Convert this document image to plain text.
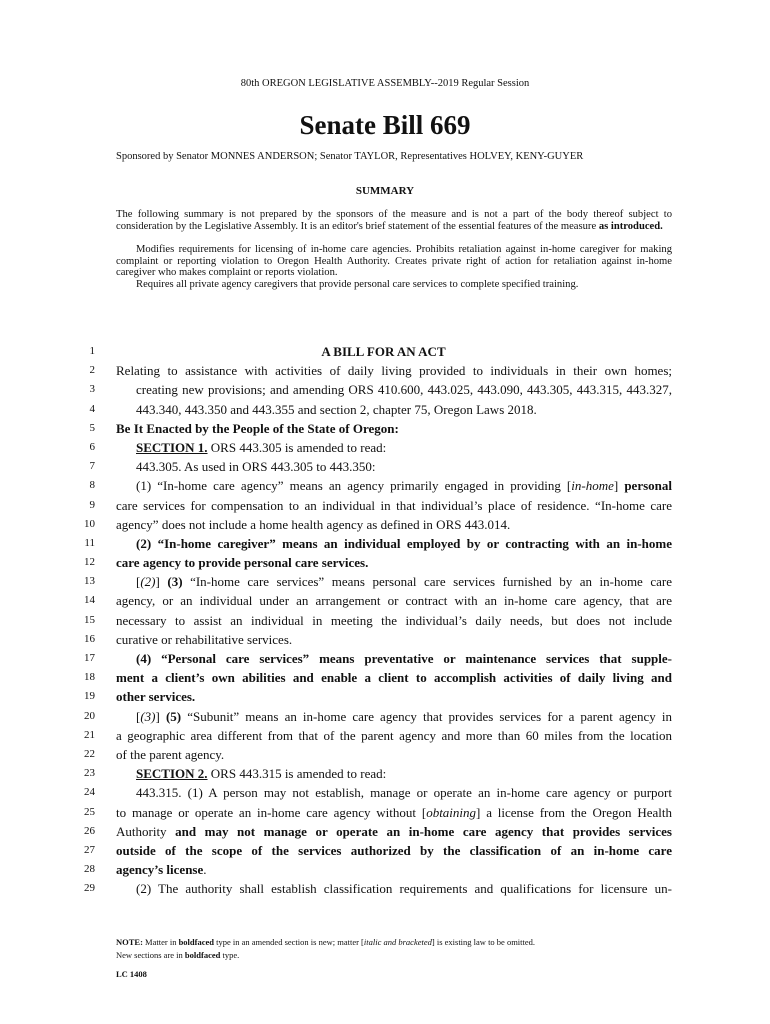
80th OREGON LEGISLATIVE ASSEMBLY--2019 Regular Session
Senate Bill 669
Sponsored by Senator MONNES ANDERSON; Senator TAYLOR, Representatives HOLVEY, KENY-GUYER
SUMMARY

The following summary is not prepared by the sponsors of the measure and is not a part of the body thereof subject to consideration by the Legislative Assembly. It is an editor's brief statement of the essential features of the measure as introduced.

Modifies requirements for licensing of in-home care agencies. Prohibits retaliation against in-home caregiver for making complaint or reporting violation to Oregon Health Authority. Creates private right of action for retaliation against in-home caregiver who makes complaint or reports violation.

Requires all private agency caregivers that provide personal care services to complete specified training.

1	A BILL FOR AN ACT
2 Relating to assistance with activities of daily living provided to individuals in their own homes;
3	creating new provisions; and amending ORS 410.600, 443.025, 443.090, 443.305, 443.315, 443.327,
4	443.340, 443.350 and 443.355 and section 2, chapter 75, Oregon Laws 2018.
5 Be It Enacted by the People of the State of Oregon:
6	SECTION 1. ORS 443.305 is amended to read:
7	443.305. As used in ORS 443.305 to 443.350:
8	(1) “In-home care agency” means an agency primarily engaged in providing [in-home] personal
9 care services for compensation to an individual in that individual’s place of residence. “In-home care
10 agency” does not include a home health agency as defined in ORS 443.014.
11	(2) “In-home caregiver” means an individual employed by or contracting with an in-home
12 care agency to provide personal care services.
13	[(2)] (3) “In-home care services” means personal care services furnished by an in-home care
14 agency, or an individual under an arrangement or contract with an in-home care agency, that are
15 necessary to assist an individual in meeting the individual’s daily needs, but does not include
16 curative or rehabilitative services.
17	(4) “Personal care services” means preventative or maintenance services that supple-
18 ment a client’s own abilities and enable a client to accomplish activities of daily living and
19 other services.
20	[(3)] (5) “Subunit” means an in-home care agency that provides services for a parent agency in
21 a geographic area different from that of the parent agency and more than 60 miles from the location
22 of the parent agency.
23	SECTION 2. ORS 443.315 is amended to read:
24	443.315. (1) A person may not establish, manage or operate an in-home care agency or purport
25 to manage or operate an in-home care agency without [obtaining] a license from the Oregon Health
26 Authority and may not manage or operate an in-home care agency that provides services
27 outside of the scope of the services authorized by the classification of an in-home care
28 agency’s license.
29	(2) The authority shall establish classification requirements and qualifications for licensure un-
NOTE: Matter in boldfaced type in an amended section is new; matter [italic and bracketed] is existing law to be omitted.
New sections are in boldfaced type.
LC 1408
